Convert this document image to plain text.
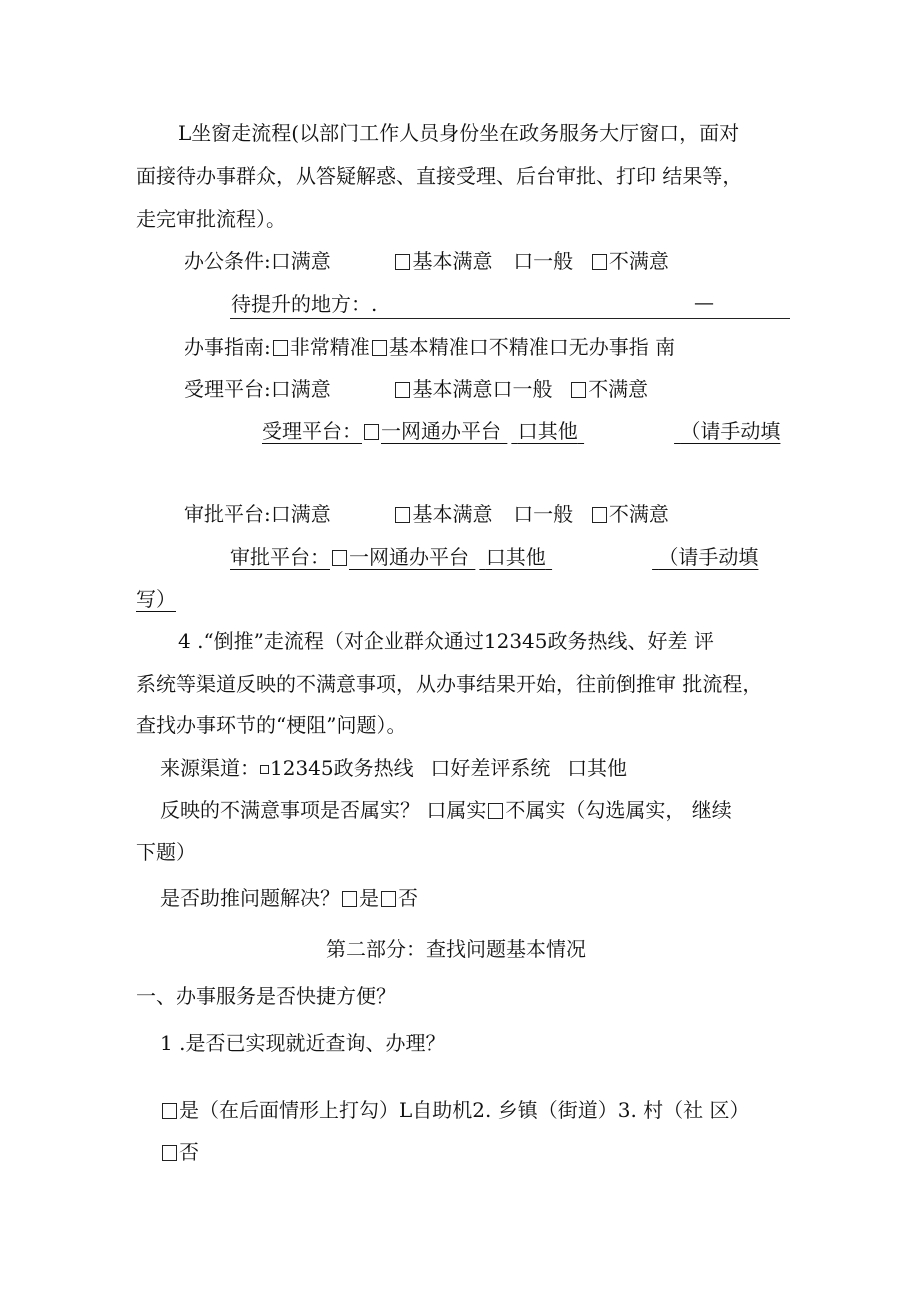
L坐窗走流程(以部门工作人员身份坐在政务服务大厅窗口，面对
面接待办事群众，从答疑解惑、直接受理、后台审批、打印 结果等，
走完审批流程）。
办公条件:口满意	基本满意 口一般 不满意
待提升的地方：.	—
办事指南: 非常精准 基本精准口不精准口无办事指 南
受理平台:口满意	基本满意口一般 不满意
受理平台： 一网通办平台 口其他	（请手动填
审批平台:口满意	基本满意 口一般 不满意
审批平台： 一网通办平台 口其他	（请手动填
写）
4 .“倒推”走流程（对企业群众通过12345政务热线、好差 评
系统等渠道反映的不满意事项，从办事结果开始，往前倒推审 批流程，
查找办事环节的“梗阻”问题）。
来源渠道： 12345政务热线 口好差评系统 口其他
反映的不满意事项是否属实？ 口属实 不属实（勾选属实， 继续
下题）
是否助推问题解决？ 是 否
第二部分：查找问题基本情况
一、办事服务是否快捷方便？
1 .是否已实现就近查询、办理？
是（在后面情形上打勾）L自助机2. 乡镇（街道）3. 村（社 区）
否
